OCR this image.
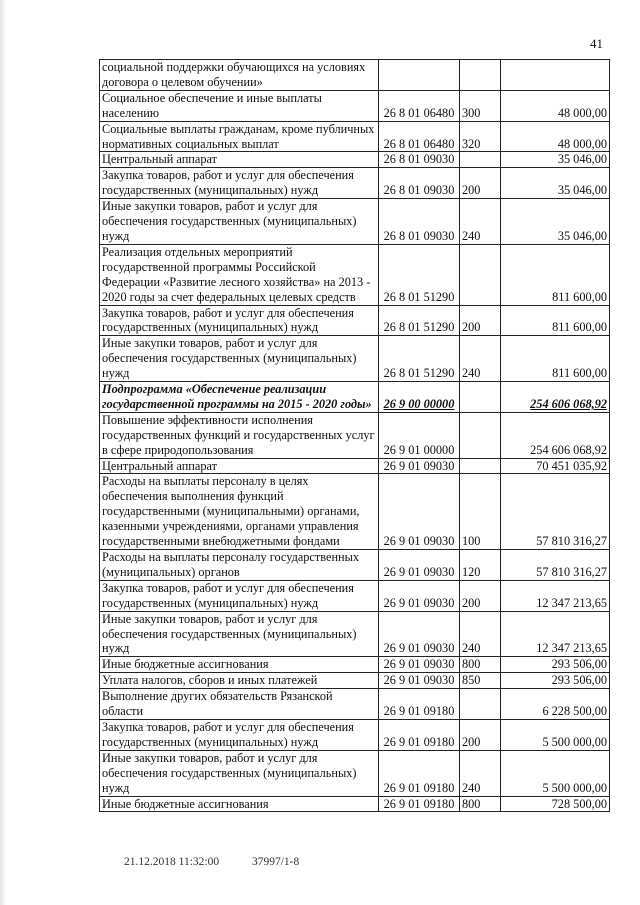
41
социальной поддержки обучающихся на условиях договора о целевом обучении»			
Социальное обеспечение и иные выплаты населению	26 8 01 06480	300	48 000,00
Социальные выплаты гражданам, кроме публичных нормативных социальных выплат	26 8 01 06480	320	48 000,00
Центральный аппарат	26 8 01 09030		35 046,00
Закупка товаров, работ и услуг для обеспечения государственных (муниципальных) нужд	26 8 01 09030	200	35 046,00
Иные закупки товаров, работ и услуг для обеспечения государственных (муниципальных) нужд	26 8 01 09030	240	35 046,00
Реализация отдельных мероприятий государственной программы Российской Федерации «Развитие лесного хозяйства» на 2013 - 2020 годы за счет федеральных целевых средств	26 8 01 51290		811 600,00
Закупка товаров, работ и услуг для обеспечения государственных (муниципальных) нужд	26 8 01 51290	200	811 600,00
Иные закупки товаров, работ и услуг для обеспечения государственных (муниципальных) нужд	26 8 01 51290	240	811 600,00
Подпрограмма «Обеспечение реализации государственной программы на 2015 - 2020 годы»	26 9 00 00000		254 606 068,92
Повышение эффективности исполнения государственных функций и государственных услуг в сфере природопользования	26 9 01 00000		254 606 068,92
Центральный аппарат	26 9 01 09030		70 451 035,92
Расходы на выплаты персоналу в целях обеспечения выполнения функций государственными (муниципальными) органами, казенными учреждениями, органами управления государственными внебюджетными фондами	26 9 01 09030	100	57 810 316,27
Расходы на выплаты персоналу государственных (муниципальных) органов	26 9 01 09030	120	57 810 316,27
Закупка товаров, работ и услуг для обеспечения государственных (муниципальных) нужд	26 9 01 09030	200	12 347 213,65
Иные закупки товаров, работ и услуг для обеспечения государственных (муниципальных) нужд	26 9 01 09030	240	12 347 213,65
Иные бюджетные ассигнования	26 9 01 09030	800	293 506,00
Уплата налогов, сборов и иных платежей	26 9 01 09030	850	293 506,00
Выполнение других обязательств Рязанской области	26 9 01 09180		6 228 500,00
Закупка товаров, работ и услуг для обеспечения государственных (муниципальных) нужд	26 9 01 09180	200	5 500 000,00
Иные закупки товаров, работ и услуг для обеспечения государственных (муниципальных) нужд	26 9 01 09180	240	5 500 000,00
Иные бюджетные ассигнования	26 9 01 09180	800	728 500,00
21.12.2018 11:32:00	37997/1-8
